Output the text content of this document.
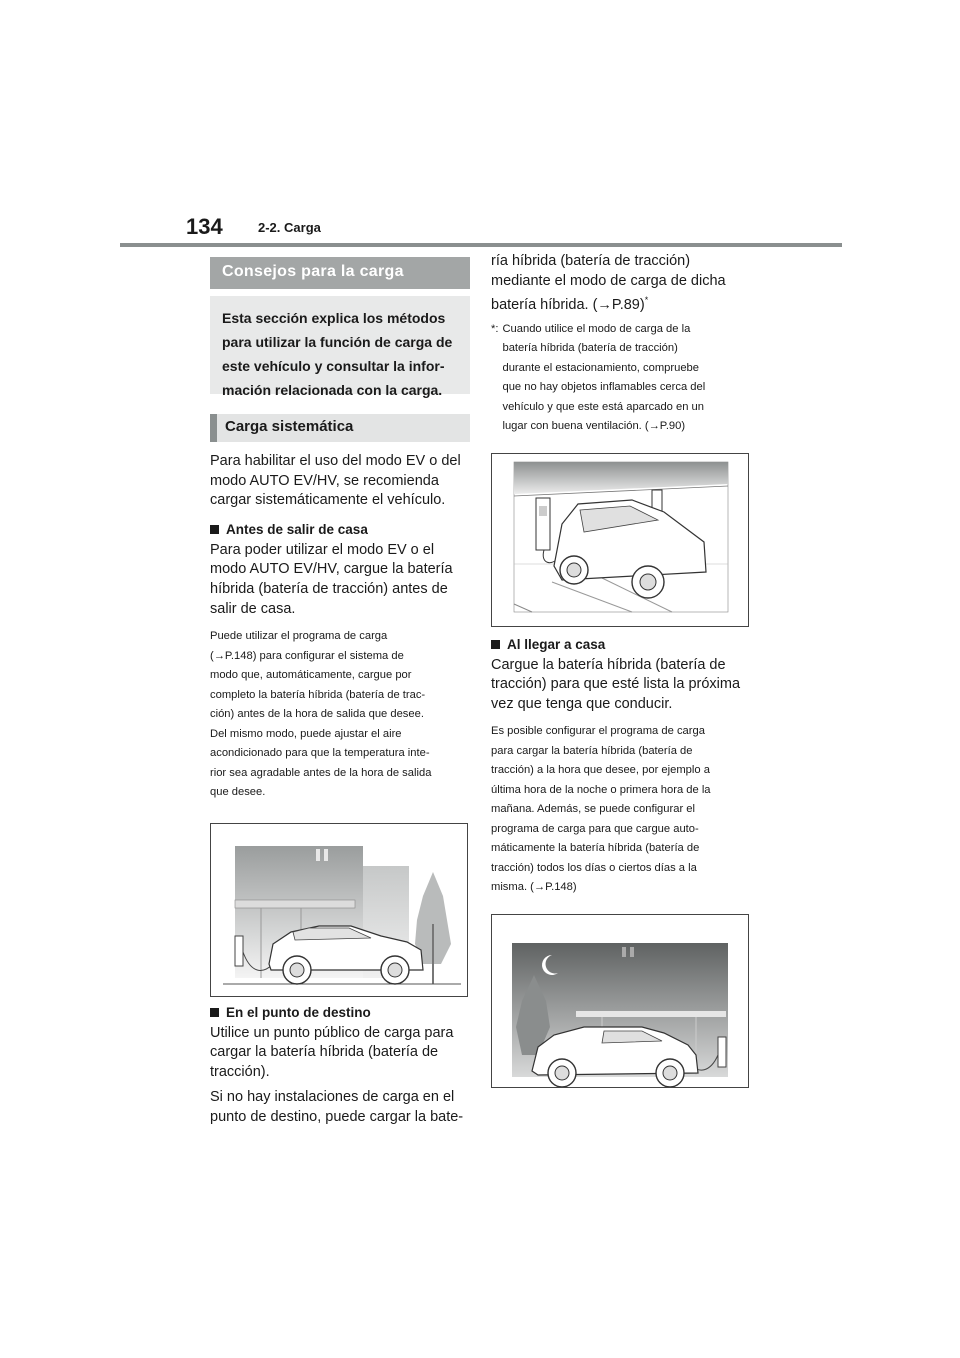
134	2-2. Carga
Consejos para la carga

Esta sección explica los métodos

para utilizar la función de carga de

este vehículo y consultar la infor-

mación relacionada con la carga.

Carga sistemática
Para habilitar el uso del modo EV o del
modo AUTO EV/HV, se recomienda
cargar sistemáticamente el vehículo.
Antes de salir de casa
Para poder utilizar el modo EV o el
modo AUTO EV/HV, cargue la batería
híbrida (batería de tracción) antes de
salir de casa.
Puede utilizar el programa de carga
(→P.148) para configurar el sistema de
modo que, automáticamente, cargue por
completo la batería híbrida (batería de trac-
ción) antes de la hora de salida que desee.
Del mismo modo, puede ajustar el aire
acondicionado para que la temperatura inte-
rior sea agradable antes de la hora de salida
que desee.
En el punto de destino
Utilice un punto público de carga para
cargar la batería híbrida (batería de
tracción).
Si no hay instalaciones de carga en el
punto de destino, puede cargar la bate-
ría híbrida (batería de tracción)
mediante el modo de carga de dicha
batería híbrida. (→P.89)*
*: Cuando utilice el modo de carga de la
batería híbrida (batería de tracción)
durante el estacionamiento, compruebe
que no hay objetos inflamables cerca del
vehículo y que este está aparcado en un
lugar con buena ventilación. (→P.90)
Al llegar a casa
Cargue la batería híbrida (batería de
tracción) para que esté lista la próxima
vez que tenga que conducir.
Es posible configurar el programa de carga
para cargar la batería híbrida (batería de
tracción) a la hora que desee, por ejemplo a
última hora de la noche o primera hora de la
mañana. Además, se puede configurar el
programa de carga para que cargue auto-
máticamente la batería híbrida (batería de
tracción) todos los días o ciertos días a la
misma. (→P.148)
